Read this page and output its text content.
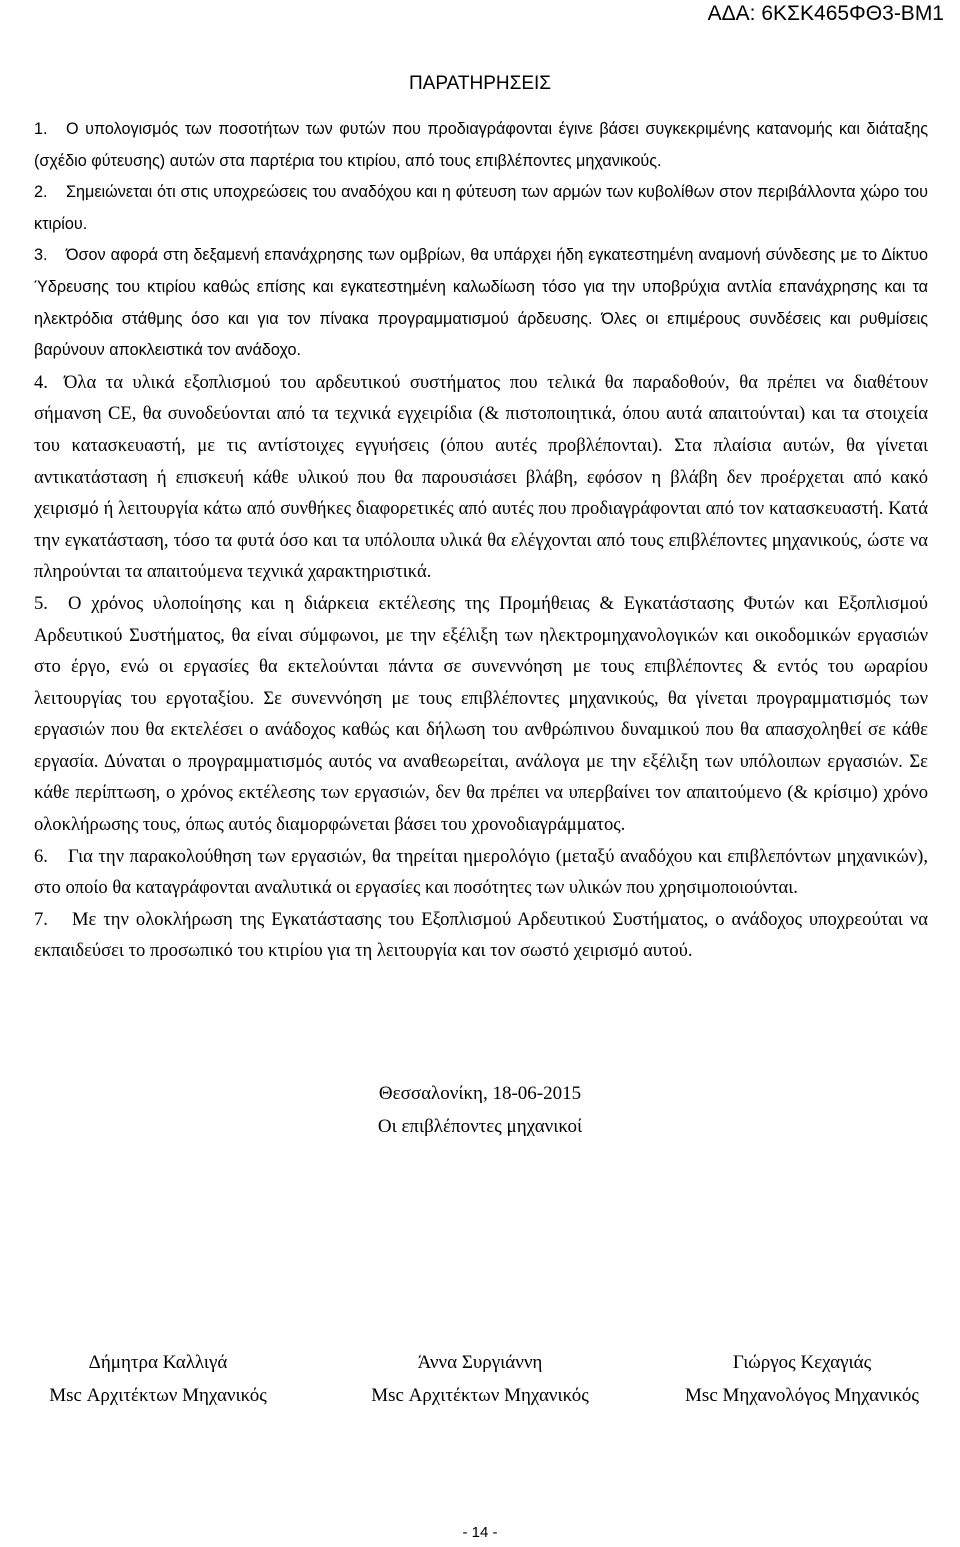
ΑΔΑ: 6ΚΣΚ465ΦΘ3-ΒΜ1
ΠΑΡΑΤΗΡΗΣΕΙΣ
1.	Ο υπολογισμός των ποσοτήτων των φυτών που προδιαγράφονται έγινε βάσει συγκεκριμένης κατανομής και διάταξης (σχέδιο φύτευσης) αυτών στα παρτέρια του κτιρίου, από τους επιβλέποντες μηχανικούς.
2.	Σημειώνεται ότι στις υποχρεώσεις του αναδόχου και η φύτευση των αρμών των κυβολίθων στον περιβάλλοντα χώρο του κτιρίου.
3.	Όσον αφορά στη δεξαμενή επανάχρησης των ομβρίων, θα υπάρχει ήδη εγκατεστημένη αναμονή σύνδεσης με το Δίκτυο Ύδρευσης του κτιρίου καθώς επίσης και εγκατεστημένη καλωδίωση τόσο για την υποβρύχια αντλία επανάχρησης και τα ηλεκτρόδια στάθμης όσο και για τον πίνακα προγραμματισμού άρδευσης. Όλες οι επιμέρους συνδέσεις και ρυθμίσεις βαρύνουν αποκλειστικά τον ανάδοχο.
4. Όλα τα υλικά εξοπλισμού του αρδευτικού συστήματος που τελικά θα παραδοθούν, θα πρέπει να διαθέτουν σήμανση CE, θα συνοδεύονται από τα τεχνικά εγχειρίδια (& πιστοποιητικά, όπου αυτά απαιτούνται) και τα στοιχεία του κατασκευαστή, με τις αντίστοιχες εγγυήσεις (όπου αυτές προβλέπονται). Στα πλαίσια αυτών, θα γίνεται αντικατάσταση ή επισκευή κάθε υλικού που θα παρουσιάσει βλάβη, εφόσον η βλάβη δεν προέρχεται από κακό χειρισμό ή λειτουργία κάτω από συνθήκες διαφορετικές από αυτές που προδιαγράφονται από τον κατασκευαστή. Κατά την εγκατάσταση, τόσο τα φυτά όσο και τα υπόλοιπα υλικά θα ελέγχονται από τους επιβλέποντες μηχανικούς, ώστε να πληρούνται τα απαιτούμενα τεχνικά χαρακτηριστικά.
5.	Ο χρόνος υλοποίησης και η διάρκεια εκτέλεσης της Προμήθειας & Εγκατάστασης Φυτών και Εξοπλισμού Αρδευτικού Συστήματος, θα είναι σύμφωνοι, με την εξέλιξη των ηλεκτρομηχανολογικών και οικοδομικών εργασιών στο έργο, ενώ οι εργασίες θα εκτελούνται πάντα σε συνεννόηση με τους επιβλέποντες & εντός του ωραρίου λειτουργίας του εργοταξίου. Σε συνεννόηση με τους επιβλέποντες μηχανικούς, θα γίνεται προγραμματισμός των εργασιών που θα εκτελέσει ο ανάδοχος καθώς και δήλωση του ανθρώπινου δυναμικού που θα απασχοληθεί σε κάθε εργασία. Δύναται ο προγραμματισμός αυτός να αναθεωρείται, ανάλογα με την εξέλιξη των υπόλοιπων εργασιών. Σε κάθε περίπτωση, ο χρόνος εκτέλεσης των εργασιών, δεν θα πρέπει να υπερβαίνει τον απαιτούμενο (& κρίσιμο) χρόνο ολοκλήρωσης τους, όπως αυτός διαμορφώνεται βάσει του χρονοδιαγράμματος.
6.	Για την παρακολούθηση των εργασιών, θα τηρείται ημερολόγιο (μεταξύ αναδόχου και επιβλεπόντων μηχανικών), στο οποίο θα καταγράφονται αναλυτικά οι εργασίες και ποσότητες των υλικών που χρησιμοποιούνται.
7.	Με την ολοκλήρωση της Εγκατάστασης του Εξοπλισμού Αρδευτικού Συστήματος, ο ανάδοχος υποχρεούται να εκπαιδεύσει το προσωπικό του κτιρίου για τη λειτουργία και τον σωστό χειρισμό αυτού.
Θεσσαλονίκη, 18-06-2015
Οι επιβλέποντες μηχανικοί
Δήμητρα Καλλιγά
Msc Αρχιτέκτων Μηχανικός
Άννα Συργιάννη
Msc Αρχιτέκτων Μηχανικός
Γιώργος Κεχαγιάς
Msc Μηχανολόγος Μηχανικός
- 14 -
